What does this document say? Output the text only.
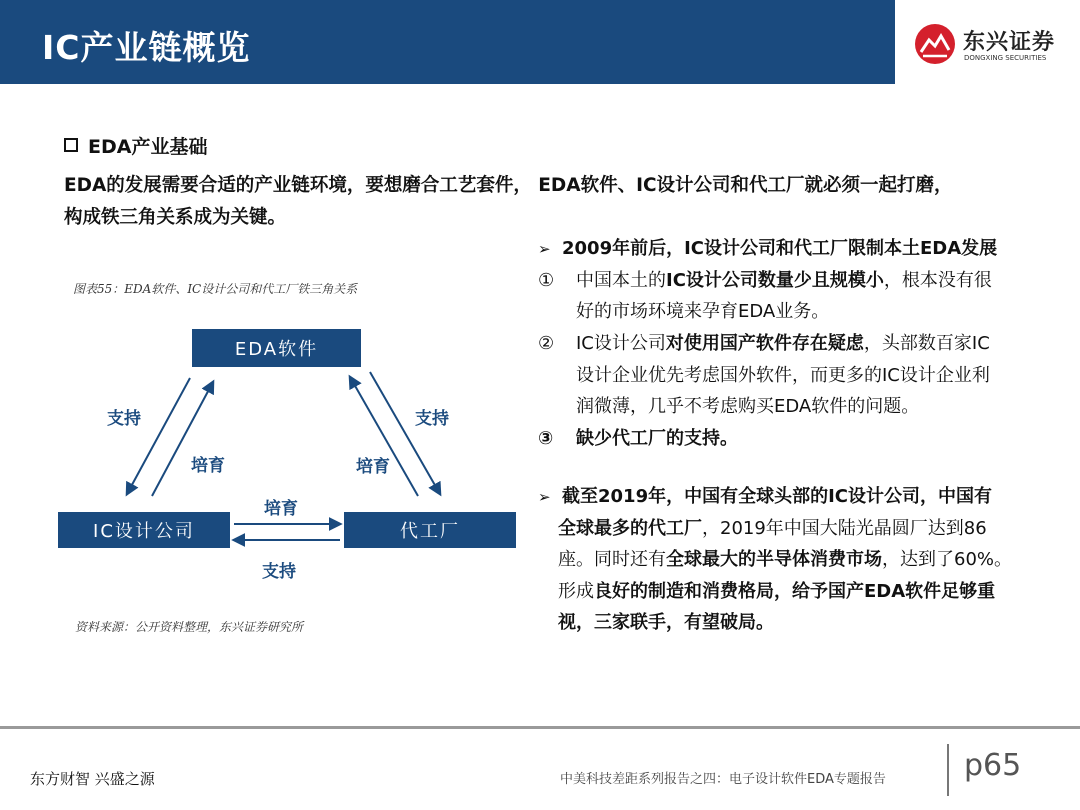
IC产业链概览	东兴证券
DONGXING SECURITIES
EDA产业基础
EDA的发展需要合适的产业链环境，要想磨合工艺套件， EDA软件、IC设计公司和代工厂就必须一起打磨，
构成铁三角关系成为关键。
图表55：EDA软件、IC设计公司和代工厂铁三角关系
EDA软件
IC设计公司	代工厂
支持
培育
支持
培育
培育
支持
资料来源：公开资料整理，东兴证券研究所
➢ 2009年前后，IC设计公司和代工厂限制本土EDA发展
① 中国本土的IC设计公司数量少且规模小，根本没有很
好的市场环境来孕育EDA业务。
② IC设计公司对使用国产软件存在疑虑，头部数百家IC
设计企业优先考虑国外软件，而更多的IC设计企业利
润微薄，几乎不考虑购买EDA软件的问题。
③ 缺少代工厂的支持。
➢ 截至2019年，中国有全球头部的IC设计公司，中国有
全球最多的代工厂，2019年中国大陆光晶圆厂达到86
座。同时还有全球最大的半导体消费市场，达到了60%。
形成良好的制造和消费格局，给予国产EDA软件足够重
视，三家联手，有望破局。
东方财智 兴盛之源	中美科技差距系列报告之四：电子设计软件EDA专题报告	p65
